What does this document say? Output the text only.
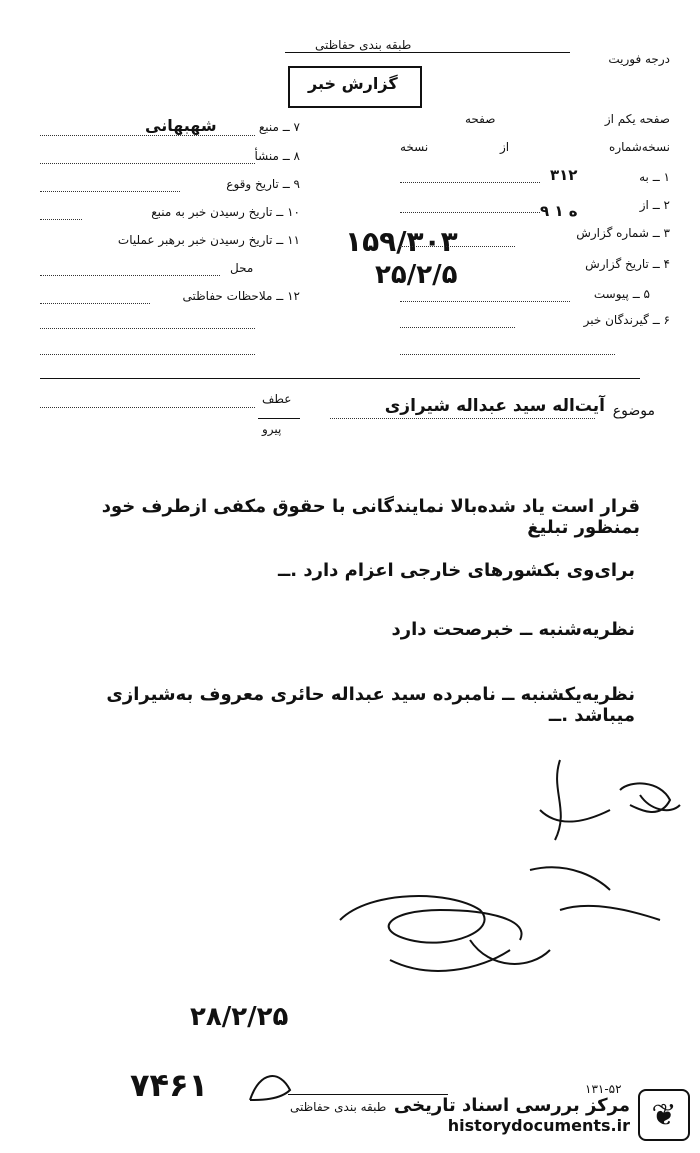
درجه فوریت
طبقه بندی حفاظتی
گزارش خبر
۷ ــ منبع
شهبهانی
۸ ــ منشأ
۹ ــ تاریخ وقوع
۱۰ ــ تاریخ رسیدن خبر به منبع
۱۱ ــ تاریخ رسیدن خبر برهبر عملیات
محل
۱۲ ــ ملاحظات حفاظتی
صفحه یکم از
صفحه
نسخه‌شماره
از
نسخه
۱ ــ به
۳۱۲
۲ ــ از
۹ ه ۱
۳ ــ شماره گزارش
۱۵۹/۳۰۳
۴ ــ تاریخ گزارش
۲۵/۲/۵
۵ ــ پیوست
۶ ــ گیرندگان خبر
موضوع
آیت‌اله سید عبداله شیرازی
عطف
پیرو
قرار است یاد شده‌بالا نمایندگانی با حقوق مکفی ازطرف خود بمنظور تبلیغ
برای‌وی بکشورهای خارجی اعزام دارد .ــ
نظریه‌شنبه ــ خبرصحت دارد
نظریه‌یکشنبه ــ نامبرده سید عبداله حائری معروف به‌شیرازی میباشد .ــ
۲۸/۲/۲۵
۷۴۶۱	۱۳۱-۵۲
طبقه بندی حفاظتی مرکز بررسی اسناد تاریخی
historydocuments.ir ❦
